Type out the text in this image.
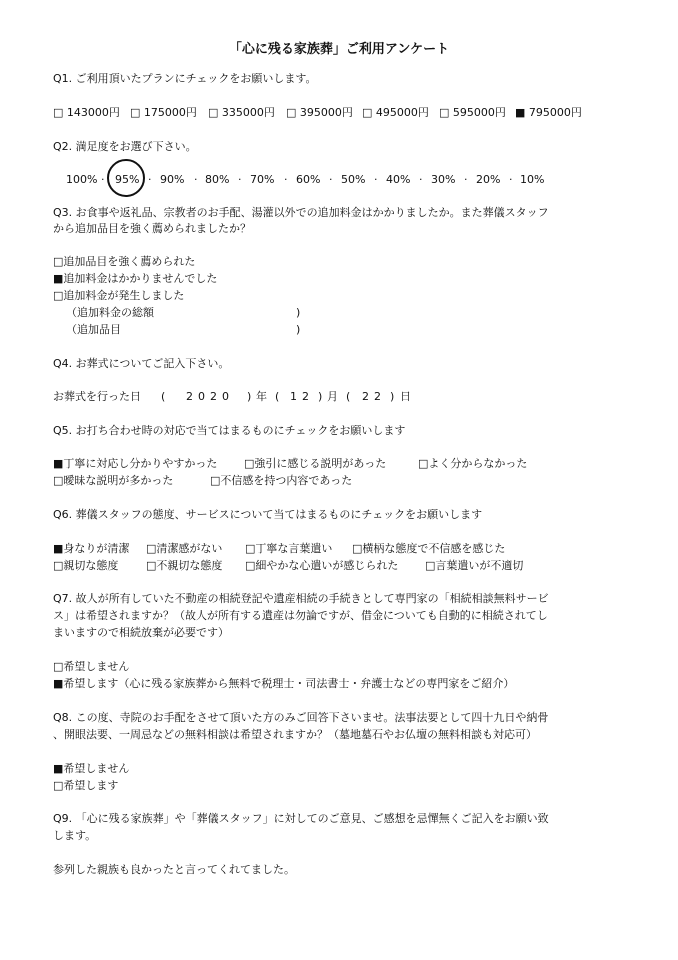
「心に残る家族葬」ご利用アンケート
Q1. ご利用頂いたプランにチェックをお願いします。
□ 143000円 □ 175000円 □ 335000円 □ 395000円 □ 495000円 □ 595000円 ■ 795000円
Q2. 満足度をお選び下さい。
100% · 95% · 90% · 80% · 70% · 60% · 50% · 40% · 30% · 20% · 10%
Q3. お食事や返礼品、宗教者のお手配、湯灌以外での追加料金はかかりましたか。また葬儀スタッフ
から追加品目を強く薦められましたか？
□追加品目を強く薦められた
■追加料金はかかりませんでした
□追加料金が発生しました
（追加料金の総額	)
（追加品目	)
Q4. お葬式についてご記入下さい。
お葬式を行った日 ( 2020 ) 年 ( 12 ) 月 ( 22 ) 日
Q5. お打ち合わせ時の対応で当てはまるものにチェックをお願いします
■丁寧に対応し分かりやすかった □強引に感じる説明があった	□よく分からなかった
□曖昧な説明が多かった	□不信感を持つ内容であった
Q6. 葬儀スタッフの態度、サービスについて当てはまるものにチェックをお願いします
■身なりが清潔 □清潔感がない □丁寧な言葉遣い □横柄な態度で不信感を感じた
□親切な態度	□不親切な態度 □細やかな心遣いが感じられた □言葉遣いが不適切
Q7. 故人が所有していた不動産の相続登記や遺産相続の手続きとして専門家の「相続相談無料サービ
ス」は希望されますか？（故人が所有する遺産は勿論ですが、借金についても自動的に相続されてし
まいますので相続放棄が必要です）
□希望しません
■希望します（心に残る家族葬から無料で税理士・司法書士・弁護士などの専門家をご紹介）
Q8. この度、寺院のお手配をさせて頂いた方のみご回答下さいませ。法事法要として四十九日や納骨
、開眼法要、一周忌などの無料相談は希望されますか？（墓地墓石やお仏壇の無料相談も対応可）
■希望しません
□希望します
Q9. 「心に残る家族葬」や「葬儀スタッフ」に対してのご意見、ご感想を忌憚無くご記入をお願い致
します。
参列した親族も良かったと言ってくれてました。
